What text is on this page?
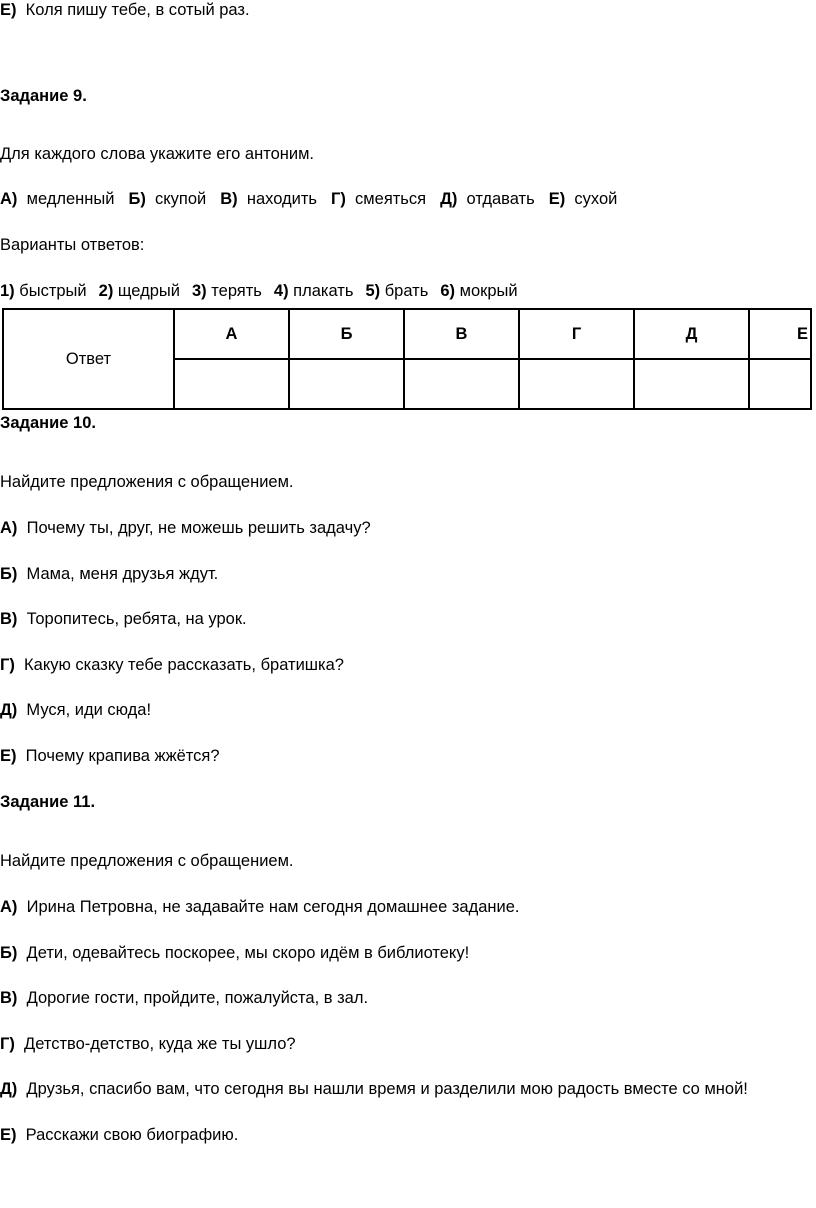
Е) Коля пишу тебе, в сотый раз.
Задание 9.
Для каждого слова укажите его антоним.
А) медленный Б) скупой В) находить Г) смеяться Д) отдавать Е) сухой
Варианты ответов:
1) быстрый 2) щедрый 3) терять 4) плакать 5) брать 6) мокрый
Ответ	А	Б	В	Г	Д	Е

Задание 10.
Найдите предложения с обращением.
А) Почему ты, друг, не можешь решить задачу?
Б) Мама, меня друзья ждут.
В) Торопитесь, ребята, на урок.
Г) Какую сказку тебе рассказать, братишка?
Д) Муся, иди сюда!
Е) Почему крапива жжётся?
Задание 11.
Найдите предложения с обращением.
А) Ирина Петровна, не задавайте нам сегодня домашнее задание.
Б) Дети, одевайтесь поскорее, мы скоро идём в библиотеку!
В) Дорогие гости, пройдите, пожалуйста, в зал.
Г) Детство-детство, куда же ты ушло?
Д) Друзья, спасибо вам, что сегодня вы нашли время и разделили мою радость вместе со мной!
Е) Расскажи свою биографию.
